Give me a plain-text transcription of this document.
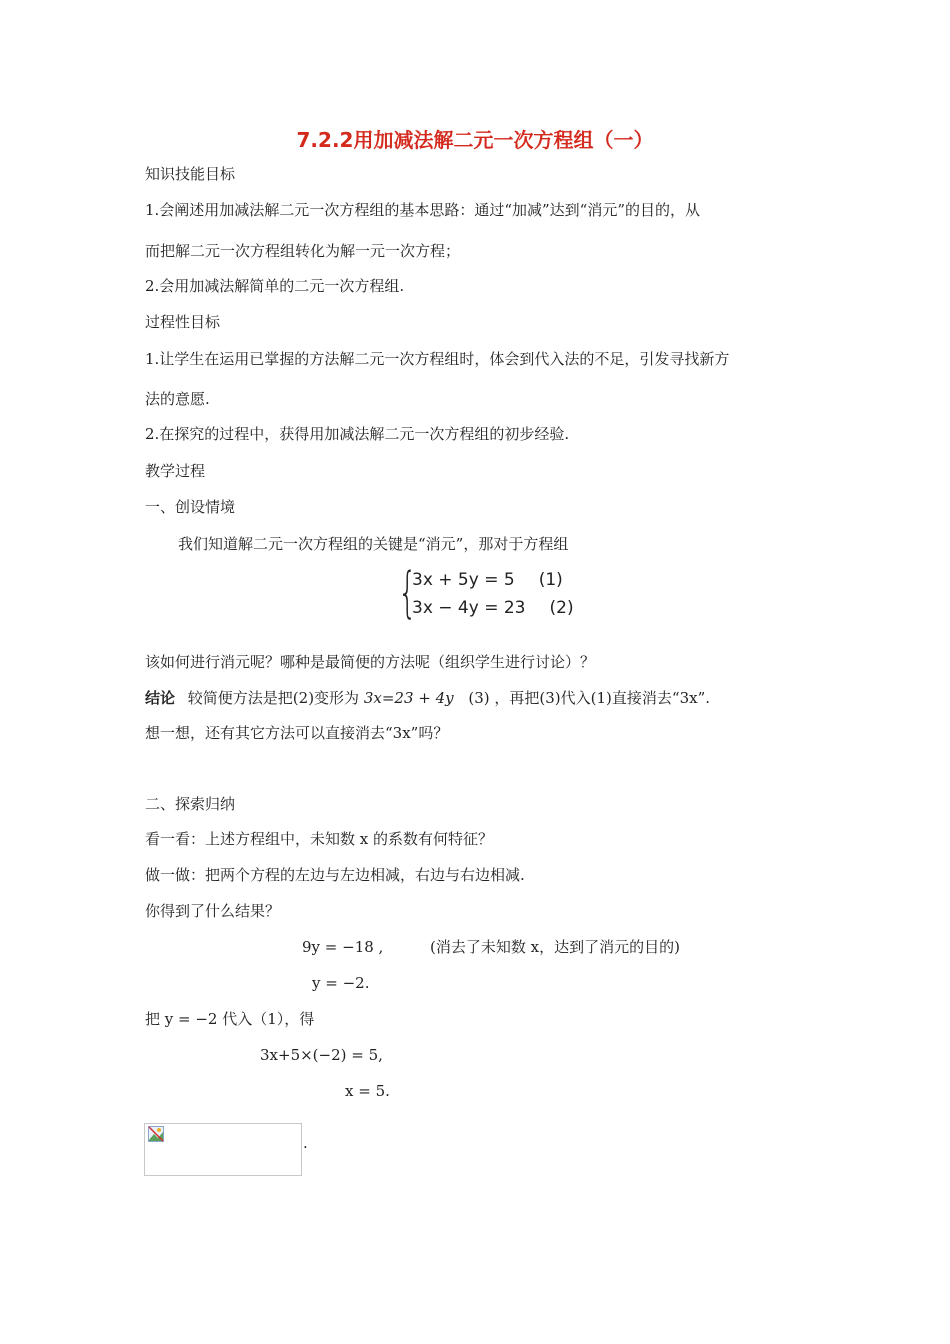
7.2.2用加减法解二元一次方程组（一）
知识技能目标
1.会阐述用加减法解二元一次方程组的基本思路：通过“加减”达到“消元”的目的，从
而把解二元一次方程组转化为解一元一次方程；
2.会用加减法解简单的二元一次方程组.
过程性目标
1.让学生在运用已掌握的方法解二元一次方程组时，体会到代入法的不足，引发寻找新方
法的意愿.
2.在探究的过程中，获得用加减法解二元一次方程组的初步经验.
教学过程
一、创设情境
我们知道解二元一次方程组的关键是“消元”，那对于方程组
{
3x + 5y = 5 (1)
3x − 4y = 23 (2)
该如何进行消元呢？哪种是最简便的方法呢（组织学生进行讨论）？
结论 较简便方法是把(2)变形为 3x=23 + 4y (3) ，再把(3)代入(1)直接消去“3x”.
想一想，还有其它方法可以直接消去“3x”吗？
二、探索归纳
看一看：上述方程组中，未知数 x 的系数有何特征？
做一做：把两个方程的左边与左边相减，右边与右边相减.
你得到了什么结果？
9y = −18 ,	(消去了未知数 x，达到了消元的目的)
y = −2.
把 y = −2 代入（1），得
3x+5×(−2) = 5,
x = 5.
.
